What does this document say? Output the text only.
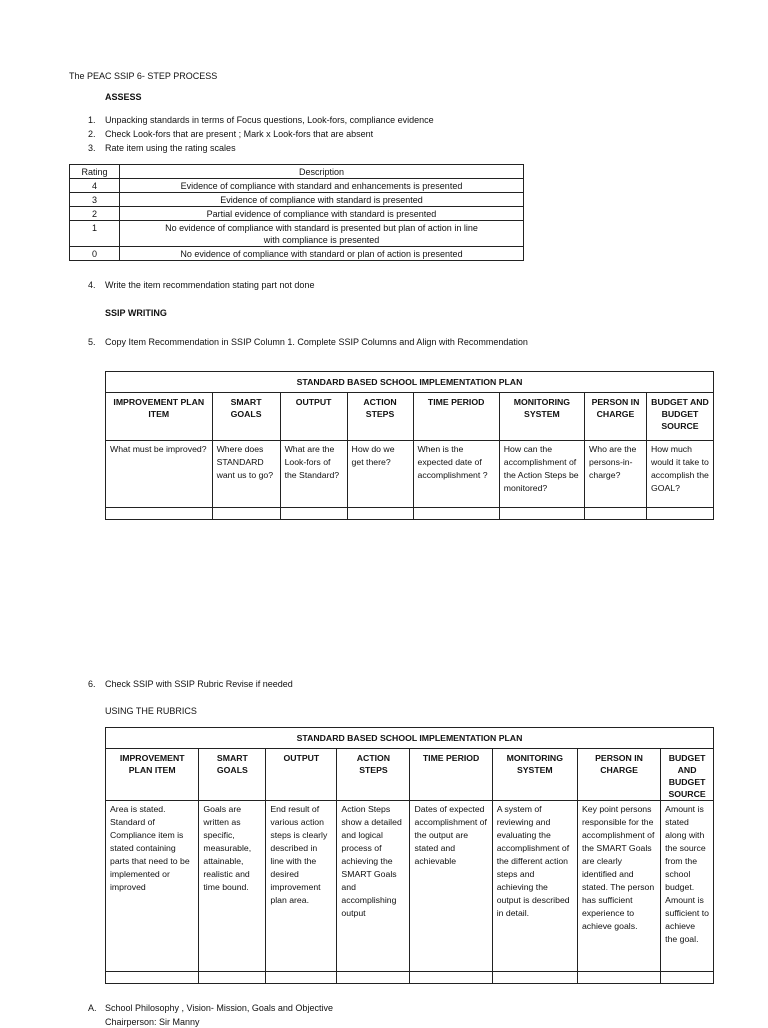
The PEAC SSIP 6- STEP PROCESS
ASSESS
1. Unpacking standards in terms of Focus questions, Look-fors, compliance evidence
2. Check Look-fors that are present ; Mark x Look-fors that are absent
3. Rate item using the rating scales
Rating	Description
4	Evidence of compliance with standard and enhancements is presented
3	Evidence of compliance with standard is presented
2	Partial evidence of compliance with standard is presented
1	No evidence of compliance with standard is presented but plan of action in line with compliance is presented
0	No evidence of compliance with standard or plan of action is presented
4. Write the item recommendation stating part not done
SSIP WRITING
5. Copy Item Recommendation in SSIP Column 1. Complete SSIP Columns and Align with Recommendation
STANDARD BASED SCHOOL IMPLEMENTATION PLAN							
IMPROVEMENT PLAN ITEM	SMART GOALS	OUTPUT	ACTION STEPS	TIME PERIOD	MONITORING SYSTEM	PERSON IN CHARGE	BUDGET AND BUDGET SOURCE
What must be improved?	Where does STANDARD want us to go?	What are the Look-fors of the Standard?	How do we get there?	When is the expected date of accomplishment ?	How can the accomplishment of the Action Steps be monitored?	Who are the persons-in-charge?	How much would it take to accomplish the GOAL?

6. Check SSIP with SSIP Rubric Revise if needed
USING THE RUBRICS
STANDARD BASED SCHOOL IMPLEMENTATION PLAN							
IMPROVEMENT PLAN ITEM	SMART GOALS	OUTPUT	ACTION STEPS	TIME PERIOD	MONITORING SYSTEM	PERSON IN CHARGE	BUDGET AND BUDGET SOURCE
Area is stated. Standard of Compliance item is stated containing parts that need to be implemented or improved	Goals are written as specific, measurable, attainable, realistic and time bound.	End result of various action steps is clearly described in line with the desired improvement plan area.	Action Steps show a detailed and logical process of achieving the SMART Goals and accomplishing output	Dates of expected accomplishment of the output are stated and achievable	A system of reviewing and evaluating the accomplishment of the different action steps and achieving the output is described in detail.	Key point persons responsible for the accomplishment of the SMART Goals are clearly identified and stated. The person has sufficient experience to achieve goals.	Amount is stated along with the source from the school budget. Amount is sufficient to achieve the goal.

A. School Philosophy , Vision- Mission, Goals and Objective
Chairperson: Sir Manny
